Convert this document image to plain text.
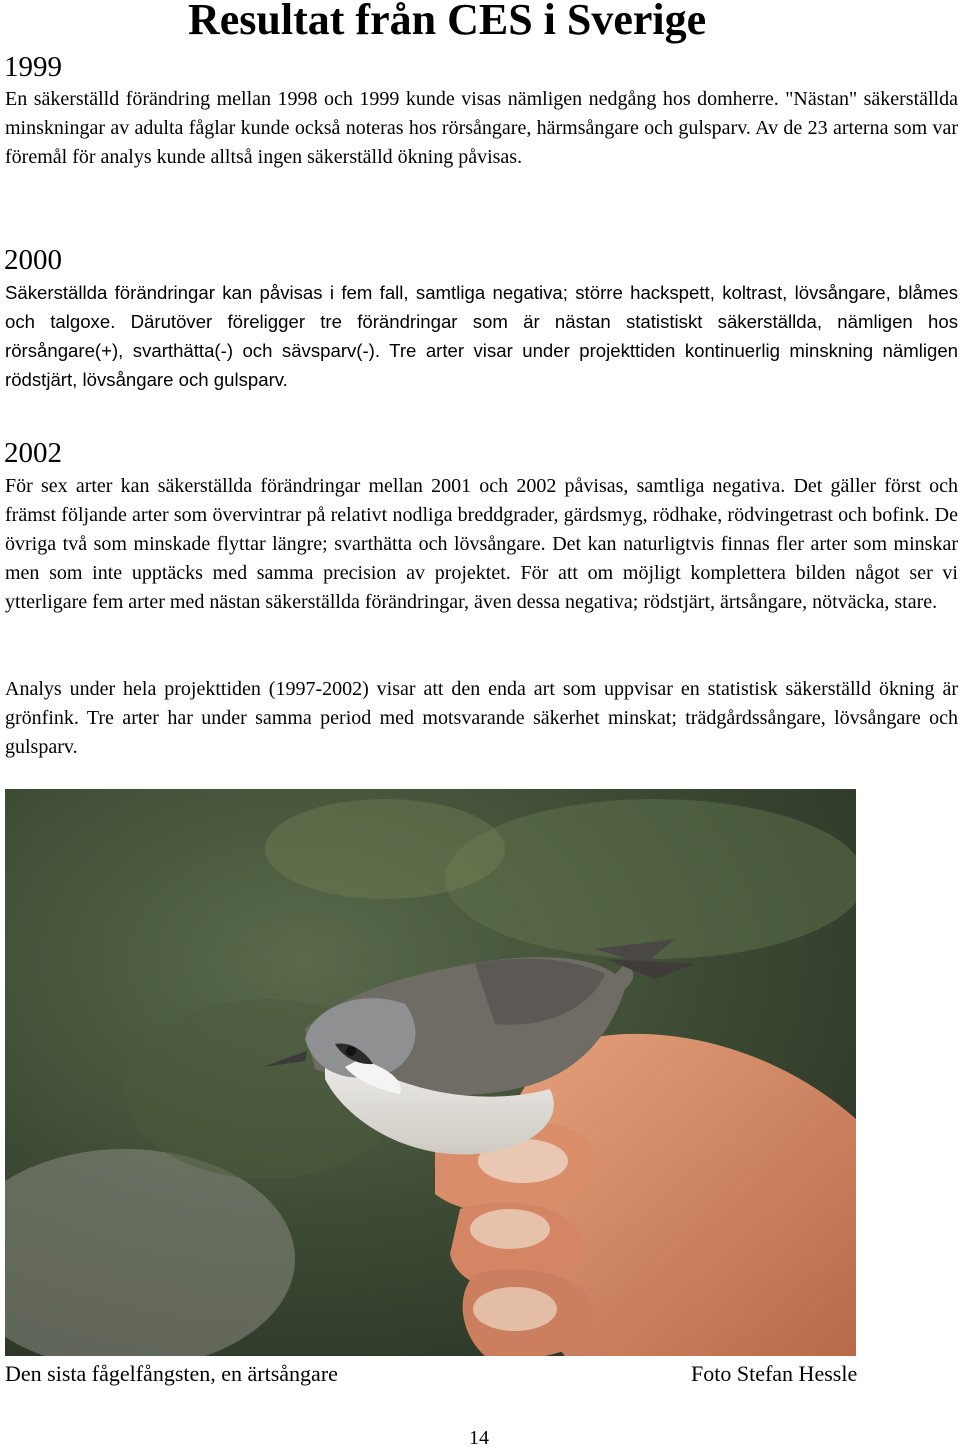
Resultat från CES i Sverige
1999

En säkerställd förändring mellan 1998 och 1999 kunde visas nämligen nedgång hos domherre. "Nästan" säkerställda minskningar av adulta fåglar kunde också noteras hos rörsångare, härmsångare och gulsparv. Av de 23 arterna som var föremål för analys kunde alltså ingen säkerställd ökning påvisas.

2000

Säkerställda förändringar kan påvisas i fem fall, samtliga negativa; större hackspett, koltrast, lövsångare, blåmes och talgoxe. Därutöver föreligger tre förändringar som är nästan statistiskt säkerställda, nämligen hos rörsångare(+), svarthätta(-) och sävsparv(-). Tre arter visar under projekttiden kontinuerlig minskning nämligen rödstjärt, lövsångare och gulsparv.

2002

För sex arter kan säkerställda förändringar mellan 2001 och 2002 påvisas, samtliga negativa. Det gäller först och främst följande arter som övervintrar på relativt nodliga breddgrader, gärdsmyg, rödhake, rödvingetrast och bofink. De övriga två som minskade flyttar längre; svarthätta och lövsångare. Det kan naturligtvis finnas fler arter som minskar men som inte upptäcks med samma precision av projektet. För att om möjligt komplettera bilden något ser vi ytterligare fem arter med nästan säkerställda förändringar, även dessa negativa; rödstjärt, ärtsångare, nötväcka, stare.

Analys under hela projekttiden (1997-2002) visar att den enda art som uppvisar en statistisk säkerställd ökning är grönfink. Tre arter har under samma period med motsvarande säkerhet minskat; trädgårdssångare, lövsångare och gulsparv.

Den sista fågelfångsten, en ärtsångare	Foto Stefan Hessle
14
